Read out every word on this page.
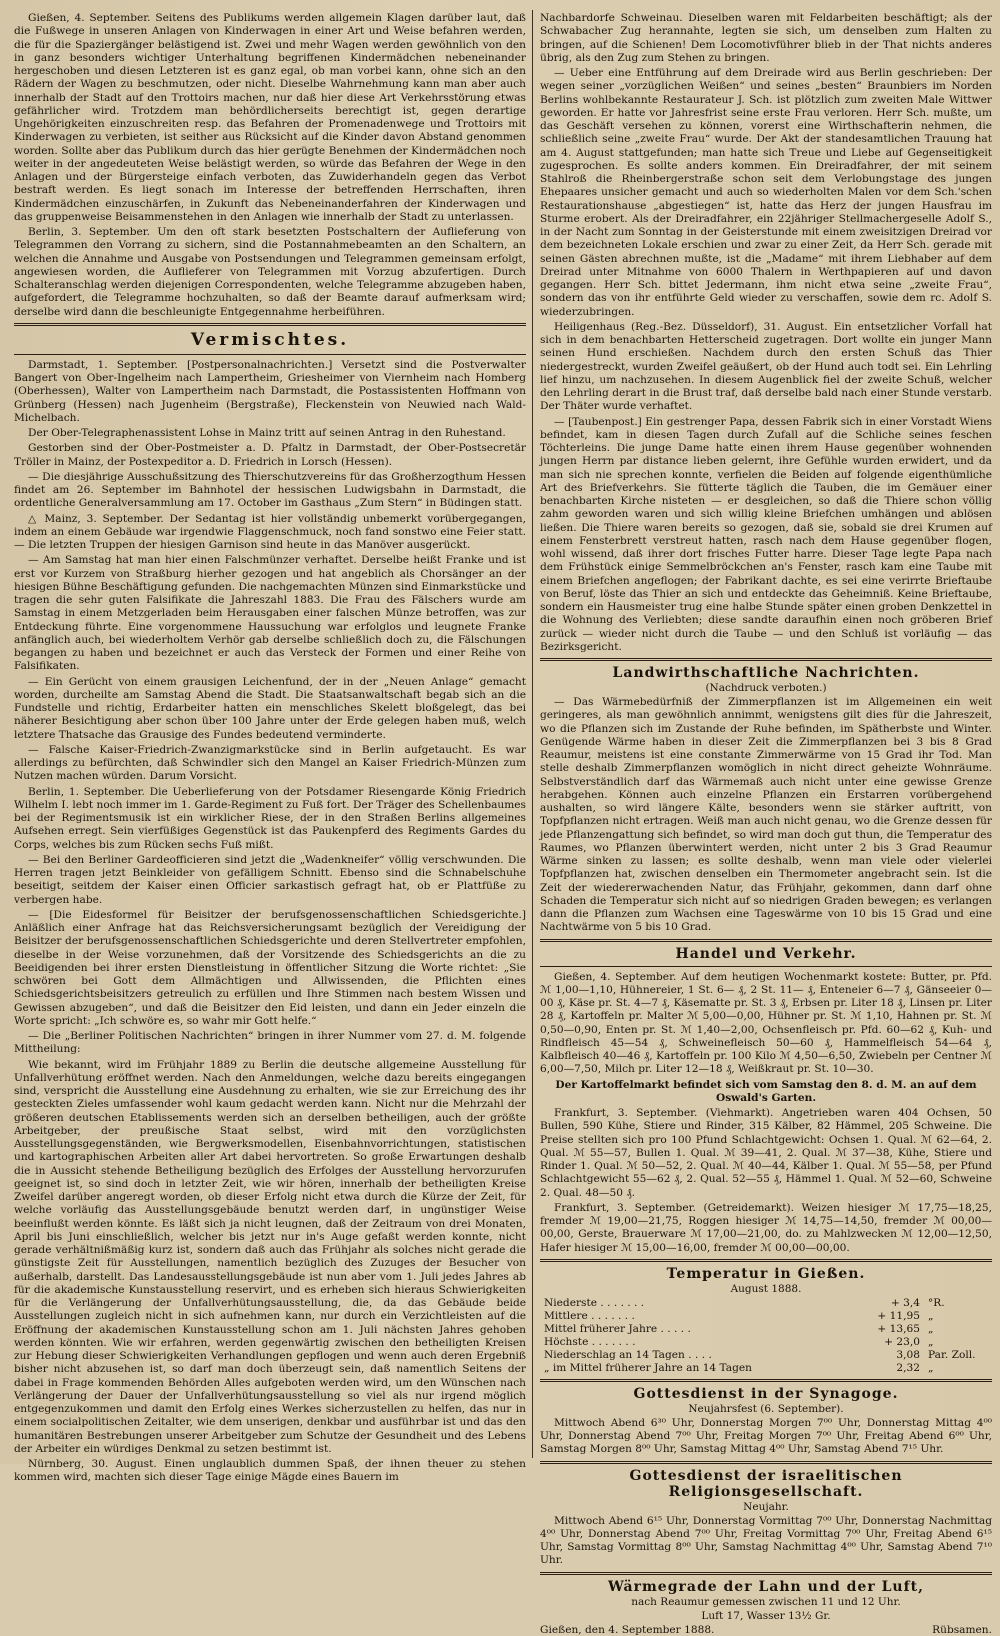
Gießen, 4. September. Seitens des Publikums werden allgemein Klagen darüber laut, daß die Fußwege in unseren Anlagen von Kinderwagen in einer Art und Weise befahren werden, die für die Spaziergänger belästigend ist. Zwei und mehr Wagen werden gewöhnlich von den in ganz besonders wichtiger Unterhaltung begriffenen Kindermädchen nebeneinander hergeschoben und diesen Letzteren ist es ganz egal, ob man vorbei kann, ohne sich an den Rädern der Wagen zu beschmutzen, oder nicht. Dieselbe Wahrnehmung kann man aber auch innerhalb der Stadt auf den Trottoirs machen, nur daß hier diese Art Verkehrsstörung etwas gefährlicher wird. Trotzdem man behördlicherseits berechtigt ist, gegen derartige Ungehörigkeiten einzuschreiten resp. das Befahren der Promenadenwege und Trottoirs mit Kinderwagen zu verbieten, ist seither aus Rücksicht auf die Kinder davon Abstand genommen worden. Sollte aber das Publikum durch das hier gerügte Benehmen der Kindermädchen noch weiter in der angedeuteten Weise belästigt werden, so würde das Befahren der Wege in den Anlagen und der Bürgersteige einfach verboten, das Zuwiderhandeln gegen das Verbot bestraft werden. Es liegt sonach im Interesse der betreffenden Herrschaften, ihren Kindermädchen einzuschärfen, in Zukunft das Nebeneinanderfahren der Kinderwagen und das gruppenweise Beisammenstehen in den Anlagen wie innerhalb der Stadt zu unterlassen.

Berlin, 3. September. Um den oft stark besetzten Postschaltern der Auflieferung von Telegrammen den Vorrang zu sichern, sind die Postannahmebeamten an den Schaltern, an welchen die Annahme und Ausgabe von Postsendungen und Telegrammen gemeinsam erfolgt, angewiesen worden, die Auflieferer von Telegrammen mit Vorzug abzufertigen. Durch Schalteranschlag werden diejenigen Correspondenten, welche Telegramme abzugeben haben, aufgefordert, die Telegramme hochzuhalten, so daß der Beamte darauf aufmerksam wird; derselbe wird dann die beschleunigte Entgegennahme herbeiführen.

Vermischtes.

Darmstadt, 1. September. [Postpersonalnachrichten.] Versetzt sind die Postverwalter Bangert von Ober-Ingelheim nach Lampertheim, Griesheimer von Viernheim nach Homberg (Oberhessen), Walter von Lampertheim nach Darmstadt, die Postassistenten Hoffmann von Grünberg (Hessen) nach Jugenheim (Bergstraße), Fleckenstein von Neuwied nach Wald-Michelbach.

Der Ober-Telegraphenassistent Lohse in Mainz tritt auf seinen Antrag in den Ruhestand.

Gestorben sind der Ober-Postmeister a. D. Pfaltz in Darmstadt, der Ober-Postsecretär Tröller in Mainz, der Postexpeditor a. D. Friedrich in Lorsch (Hessen).

— Die diesjährige Ausschußsitzung des Thierschutzvereins für das Großherzogthum Hessen findet am 26. September im Bahnhotel der hessischen Ludwigsbahn in Darmstadt, die ordentliche Generalversammlung am 17. October im Gasthaus „Zum Stern“ in Büdingen statt.

△ Mainz, 3. September. Der Sedantag ist hier vollständig unbemerkt vorübergegangen, indem an einem Gebäude war irgendwie Flaggenschmuck, noch fand sonstwo eine Feier statt. — Die letzten Truppen der hiesigen Garnison sind heute in das Manöver ausgerückt.

— Am Samstag hat man hier einen Falschmünzer verhaftet. Derselbe heißt Franke und ist erst vor Kurzem von Straßburg hierher gezogen und hat angeblich als Chorsänger an der hiesigen Bühne Beschäftigung gefunden. Die nachgemachten Münzen sind Einmarkstücke und tragen die sehr guten Falsifikate die Jahreszahl 1883. Die Frau des Fälschers wurde am Samstag in einem Metzgerladen beim Herausgaben einer falschen Münze betroffen, was zur Entdeckung führte. Eine vorgenommene Haussuchung war erfolglos und leugnete Franke anfänglich auch, bei wiederholtem Verhör gab derselbe schließlich doch zu, die Fälschungen begangen zu haben und bezeichnet er auch das Versteck der Formen und einer Reihe von Falsifikaten.

— Ein Gerücht von einem grausigen Leichenfund, der in der „Neuen Anlage“ gemacht worden, durcheilte am Samstag Abend die Stadt. Die Staatsanwaltschaft begab sich an die Fundstelle und richtig, Erdarbeiter hatten ein menschliches Skelett bloßgelegt, das bei näherer Besichtigung aber schon über 100 Jahre unter der Erde gelegen haben muß, welch letztere Thatsache das Grausige des Fundes bedeutend verminderte.

— Falsche Kaiser-Friedrich-Zwanzigmarkstücke sind in Berlin aufgetaucht. Es war allerdings zu befürchten, daß Schwindler sich den Mangel an Kaiser Friedrich-Münzen zum Nutzen machen würden. Darum Vorsicht.

Berlin, 1. September. Die Ueberlieferung von der Potsdamer Riesengarde König Friedrich Wilhelm I. lebt noch immer im 1. Garde-Regiment zu Fuß fort. Der Träger des Schellenbaumes bei der Regimentsmusik ist ein wirklicher Riese, der in den Straßen Berlins allgemeines Aufsehen erregt. Sein vierfüßiges Gegenstück ist das Paukenpferd des Regiments Gardes du Corps, welches bis zum Rücken sechs Fuß mißt.

— Bei den Berliner Gardeofficieren sind jetzt die „Wadenkneifer“ völlig verschwunden. Die Herren tragen jetzt Beinkleider von gefälligem Schnitt. Ebenso sind die Schnabelschuhe beseitigt, seitdem der Kaiser einen Officier sarkastisch gefragt hat, ob er Plattfüße zu verbergen habe.

— [Die Eidesformel für Beisitzer der berufsgenossenschaftlichen Schiedsgerichte.] Anläßlich einer Anfrage hat das Reichsversicherungsamt bezüglich der Vereidigung der Beisitzer der berufsgenossenschaftlichen Schiedsgerichte und deren Stellvertreter empfohlen, dieselbe in der Weise vorzunehmen, daß der Vorsitzende des Schiedsgerichts an die zu Beeidigenden bei ihrer ersten Dienstleistung in öffentlicher Sitzung die Worte richtet: „Sie schwören bei Gott dem Allmächtigen und Allwissenden, die Pflichten eines Schiedsgerichtsbeisitzers getreulich zu erfüllen und Ihre Stimmen nach bestem Wissen und Gewissen abzugeben“, und daß die Beisitzer den Eid leisten, und dann ein Jeder einzeln die Worte spricht: „Ich schwöre es, so wahr mir Gott helfe.“

— Die „Berliner Politischen Nachrichten“ bringen in ihrer Nummer vom 27. d. M. folgende Mittheilung:

Wie bekannt, wird im Frühjahr 1889 zu Berlin die deutsche allgemeine Ausstellung für Unfallverhütung eröffnet werden. Nach den Anmeldungen, welche dazu bereits eingegangen sind, verspricht die Ausstellung eine Ausdehnung zu erhalten, wie sie zur Erreichung des ihr gesteckten Zieles umfassender wohl kaum gedacht werden kann. Nicht nur die Mehrzahl der größeren deutschen Etablissements werden sich an derselben betheiligen, auch der größte Arbeitgeber, der preußische Staat selbst, wird mit den vorzüglichsten Ausstellungsgegenständen, wie Bergwerksmodellen, Eisenbahnvorrichtungen, statistischen und kartographischen Arbeiten aller Art dabei hervortreten. So große Erwartungen deshalb die in Aussicht stehende Betheiligung bezüglich des Erfolges der Ausstellung hervorzurufen geeignet ist, so sind doch in letzter Zeit, wie wir hören, innerhalb der betheiligten Kreise Zweifel darüber angeregt worden, ob dieser Erfolg nicht etwa durch die Kürze der Zeit, für welche vorläufig das Ausstellungsgebäude benutzt werden darf, in ungünstiger Weise beeinflußt werden könnte. Es läßt sich ja nicht leugnen, daß der Zeitraum von drei Monaten, April bis Juni einschließlich, welcher bis jetzt nur in's Auge gefaßt werden konnte, nicht gerade verhältnißmäßig kurz ist, sondern daß auch das Frühjahr als solches nicht gerade die günstigste Zeit für Ausstellungen, namentlich bezüglich des Zuzuges der Besucher von außerhalb, darstellt. Das Landesausstellungsgebäude ist nun aber vom 1. Juli jedes Jahres ab für die akademische Kunstausstellung reservirt, und es erheben sich hieraus Schwierigkeiten für die Verlängerung der Unfallverhütungsausstellung, die, da das Gebäude beide Ausstellungen zugleich nicht in sich aufnehmen kann, nur durch ein Verzichtleisten auf die Eröffnung der akademischen Kunstausstellung schon am 1. Juli nächsten Jahres gehoben werden könnten. Wie wir erfahren, werden gegenwärtig zwischen den betheiligten Kreisen zur Hebung dieser Schwierigkeiten Verhandlungen gepflogen und wenn auch deren Ergebniß bisher nicht abzusehen ist, so darf man doch überzeugt sein, daß namentlich Seitens der dabei in Frage kommenden Behörden Alles aufgeboten werden wird, um den Wünschen nach Verlängerung der Dauer der Unfallverhütungsausstellung so viel als nur irgend möglich entgegenzukommen und damit den Erfolg eines Werkes sicherzustellen zu helfen, das nur in einem socialpolitischen Zeitalter, wie dem unserigen, denkbar und ausführbar ist und das den humanitären Bestrebungen unserer Arbeitgeber zum Schutze der Gesundheit und des Lebens der Arbeiter ein würdiges Denkmal zu setzen bestimmt ist.

Nürnberg, 30. August. Einen unglaublich dummen Spaß, der ihnen theuer zu stehen kommen wird, machten sich dieser Tage einige Mägde eines Bauern im

Nachbardorfe Schweinau. Dieselben waren mit Feldarbeiten beschäftigt; als der Schwabacher Zug herannahte, legten sie sich, um denselben zum Halten zu bringen, auf die Schienen! Dem Locomotivführer blieb in der That nichts anderes übrig, als den Zug zum Stehen zu bringen.

— Ueber eine Entführung auf dem Dreirade wird aus Berlin geschrieben: Der wegen seiner „vorzüglichen Weißen“ und seines „besten“ Braunbiers im Norden Berlins wohlbekannte Restaurateur J. Sch. ist plötzlich zum zweiten Male Wittwer geworden. Er hatte vor Jahresfrist seine erste Frau verloren. Herr Sch. mußte, um das Geschäft versehen zu können, vorerst eine Wirthschafterin nehmen, die schließlich seine „zweite Frau“ wurde. Der Akt der standesamtlichen Trauung hat am 4. August stattgefunden; man hatte sich Treue und Liebe auf Gegenseitigkeit zugesprochen. Es sollte anders kommen. Ein Dreiradfahrer, der mit seinem Stahlroß die Rheinbergerstraße schon seit dem Verlobungstage des jungen Ehepaares unsicher gemacht und auch so wiederholten Malen vor dem Sch.'schen Restaurationshause „abgestiegen“ ist, hatte das Herz der jungen Hausfrau im Sturme erobert. Als der Dreiradfahrer, ein 22jähriger Stellmachergeselle Adolf S., in der Nacht zum Sonntag in der Geisterstunde mit einem zweisitzigen Dreirad vor dem bezeichneten Lokale erschien und zwar zu einer Zeit, da Herr Sch. gerade mit seinen Gästen abrechnen mußte, ist die „Madame“ mit ihrem Liebhaber auf dem Dreirad unter Mitnahme von 6000 Thalern in Werthpapieren auf und davon gegangen. Herr Sch. bittet Jedermann, ihm nicht etwa seine „zweite Frau“, sondern das von ihr entführte Geld wieder zu verschaffen, sowie dem rc. Adolf S. wiederzubringen.

Heiligenhaus (Reg.-Bez. Düsseldorf), 31. August. Ein entsetzlicher Vorfall hat sich in dem benachbarten Hetterscheid zugetragen. Dort wollte ein junger Mann seinen Hund erschießen. Nachdem durch den ersten Schuß das Thier niedergestreckt, wurden Zweifel geäußert, ob der Hund auch todt sei. Ein Lehrling lief hinzu, um nachzusehen. In diesem Augenblick fiel der zweite Schuß, welcher den Lehrling derart in die Brust traf, daß derselbe bald nach einer Stunde verstarb. Der Thäter wurde verhaftet.

— [Taubenpost.] Ein gestrenger Papa, dessen Fabrik sich in einer Vorstadt Wiens befindet, kam in diesen Tagen durch Zufall auf die Schliche seines feschen Töchterleins. Die junge Dame hatte einen ihrem Hause gegenüber wohnenden jungen Herrn par distance lieben gelernt, ihre Gefühle wurden erwidert, und da man sich nie sprechen konnte, verfielen die Beiden auf folgende eigenthümliche Art des Briefverkehrs. Sie fütterte täglich die Tauben, die im Gemäuer einer benachbarten Kirche nisteten — er desgleichen, so daß die Thiere schon völlig zahm geworden waren und sich willig kleine Briefchen umhängen und ablösen ließen. Die Thiere waren bereits so gezogen, daß sie, sobald sie drei Krumen auf einem Fensterbrett verstreut hatten, rasch nach dem Hause gegenüber flogen, wohl wissend, daß ihrer dort frisches Futter harre. Dieser Tage legte Papa nach dem Frühstück einige Semmelbröckchen an's Fenster, rasch kam eine Taube mit einem Briefchen angeflogen; der Fabrikant dachte, es sei eine verirrte Brieftaube von Beruf, löste das Thier an sich und entdeckte das Geheimniß. Keine Brieftaube, sondern ein Hausmeister trug eine halbe Stunde später einen groben Denkzettel in die Wohnung des Verliebten; diese sandte daraufhin einen noch gröberen Brief zurück — wieder nicht durch die Taube — und den Schluß ist vorläufig — das Bezirksgericht.

Landwirthschaftliche Nachrichten.
(Nachdruck verboten.)

— Das Wärmebedürfniß der Zimmerpflanzen ist im Allgemeinen ein weit geringeres, als man gewöhnlich annimmt, wenigstens gilt dies für die Jahreszeit, wo die Pflanzen sich im Zustande der Ruhe befinden, im Spätherbste und Winter. Genügende Wärme haben in dieser Zeit die Zimmerpflanzen bei 3 bis 8 Grad Reaumur, meistens ist eine constante Zimmerwärme von 15 Grad ihr Tod. Man stelle deshalb Zimmerpflanzen womöglich in nicht direct geheizte Wohnräume. Selbstverständlich darf das Wärmemaß auch nicht unter eine gewisse Grenze herabgehen. Können auch einzelne Pflanzen ein Erstarren vorübergehend aushalten, so wird längere Kälte, besonders wenn sie stärker auftritt, von Topfpflanzen nicht ertragen. Weiß man auch nicht genau, wo die Grenze dessen für jede Pflanzengattung sich befindet, so wird man doch gut thun, die Temperatur des Raumes, wo Pflanzen überwintert werden, nicht unter 2 bis 3 Grad Reaumur Wärme sinken zu lassen; es sollte deshalb, wenn man viele oder vielerlei Topfpflanzen hat, zwischen denselben ein Thermometer angebracht sein. Ist die Zeit der wiedererwachenden Natur, das Frühjahr, gekommen, dann darf ohne Schaden die Temperatur sich nicht auf so niedrigen Graden bewegen; es verlangen dann die Pflanzen zum Wachsen eine Tageswärme von 10 bis 15 Grad und eine Nachtwärme von 5 bis 10 Grad.

Handel und Verkehr.

Gießen, 4. September. Auf dem heutigen Wochenmarkt kostete: Butter, pr. Pfd. ℳ 1,00—1,10, Hühnereier, 1 St. 6— ₰, 2 St. 11— ₰, Enteneier 6—7 ₰, Gänseeier 0—00 ₰, Käse pr. St. 4—7 ₰, Käsematte pr. St. 3 ₰, Erbsen pr. Liter 18 ₰, Linsen pr. Liter 28 ₰, Kartoffeln pr. Malter ℳ 5,00—0,00, Hühner pr. St. ℳ 1,10, Hahnen pr. St. ℳ 0,50—0,90, Enten pr. St. ℳ 1,40—2,00, Ochsenfleisch pr. Pfd. 60—62 ₰, Kuh- und Rindfleisch 45—54 ₰, Schweinefleisch 50—60 ₰, Hammelfleisch 54—64 ₰, Kalbfleisch 40—46 ₰, Kartoffeln pr. 100 Kilo ℳ 4,50—6,50, Zwiebeln per Centner ℳ 6,00—7,50, Milch pr. Liter 12—18 ₰, Weißkraut pr. St. 10—30.

Der Kartoffelmarkt befindet sich vom Samstag den 8. d. M. an auf dem Oswald's Garten.

Frankfurt, 3. September. (Viehmarkt). Angetrieben waren 404 Ochsen, 50 Bullen, 590 Kühe, Stiere und Rinder, 315 Kälber, 82 Hämmel, 205 Schweine. Die Preise stellten sich pro 100 Pfund Schlachtgewicht: Ochsen 1. Qual. ℳ 62—64, 2. Qual. ℳ 55—57, Bullen 1. Qual. ℳ 39—41, 2. Qual. ℳ 37—38, Kühe, Stiere und Rinder 1. Qual. ℳ 50—52, 2. Qual. ℳ 40—44, Kälber 1. Qual. ℳ 55—58, per Pfund Schlachtgewicht 55—62 ₰, 2. Qual. 52—55 ₰, Hämmel 1. Qual. ℳ 52—60, Schweine 2. Qual. 48—50 ₰.

Frankfurt, 3. September. (Getreidemarkt). Weizen hiesiger ℳ 17,75—18,25, fremder ℳ 19,00—21,75, Roggen hiesiger ℳ 14,75—14,50, fremder ℳ 00,00—00,00, Gerste, Brauerware ℳ 17,00—21,00, do. zu Mahlzwecken ℳ 12,00—12,50, Hafer hiesiger ℳ 15,00—16,00, fremder ℳ 00,00—00,00.

Temperatur in Gießen.
August 1888.
Niederste . . . . . . .	+ 3,4	°R.
Mittlere . . . . . . .	+ 11,95	„
Mittel früherer Jahre . . . . .	+ 13,65	„
Höchste . . . . . . .	+ 23,0	„
Niederschlag an 14 Tagen . . . .	3,08	Par. Zoll.
„ im Mittel früherer Jahre an 14 Tagen	2,32	„
Gottesdienst in der Synagoge.
Neujahrsfest (6. September).

Mittwoch Abend 6³⁰ Uhr, Donnerstag Morgen 7⁰⁰ Uhr, Donnerstag Mittag 4⁰⁰ Uhr, Donnerstag Abend 7⁰⁰ Uhr, Freitag Morgen 7⁰⁰ Uhr, Freitag Abend 6⁰⁰ Uhr, Samstag Morgen 8⁰⁰ Uhr, Samstag Mittag 4⁰⁰ Uhr, Samstag Abend 7¹⁵ Uhr.

Gottesdienst der israelitischen Religionsgesellschaft.
Neujahr.

Mittwoch Abend 6¹⁵ Uhr, Donnerstag Vormittag 7⁰⁰ Uhr, Donnerstag Nachmittag 4⁰⁰ Uhr, Donnerstag Abend 7⁰⁰ Uhr, Freitag Vormittag 7⁰⁰ Uhr, Freitag Abend 6¹⁵ Uhr, Samstag Vormittag 8⁰⁰ Uhr, Samstag Nachmittag 4⁰⁰ Uhr, Samstag Abend 7¹⁰ Uhr.

Wärmegrade der Lahn und der Luft,
nach Reaumur gemessen zwischen 11 und 12 Uhr.
Luft 17, Wasser 13½ Gr.
Gießen, den 4. September 1888.	Rübsamen.
